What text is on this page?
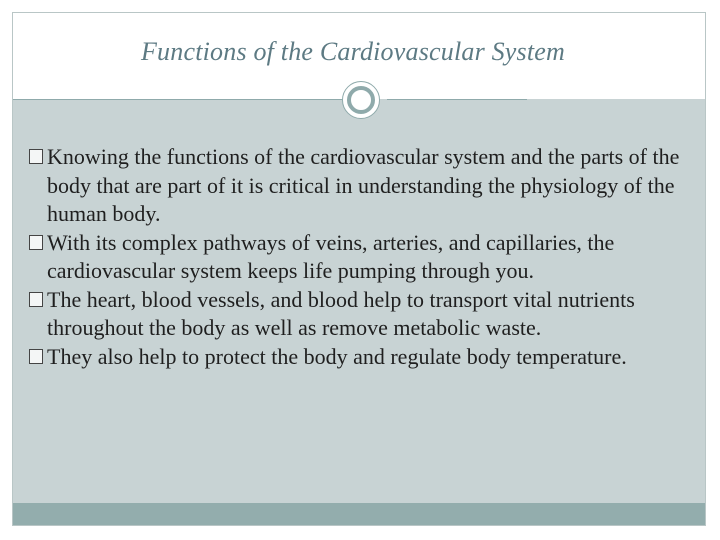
Functions of the Cardiovascular System
Knowing the functions of the cardiovascular system and the parts of the body that are part of it is critical in understanding the physiology of the human body.
With its complex pathways of veins, arteries, and capillaries, the cardiovascular system keeps life pumping through you.
The heart, blood vessels, and blood help to transport vital nutrients throughout the body as well as remove metabolic waste.
They also help to protect the body and regulate body temperature.
